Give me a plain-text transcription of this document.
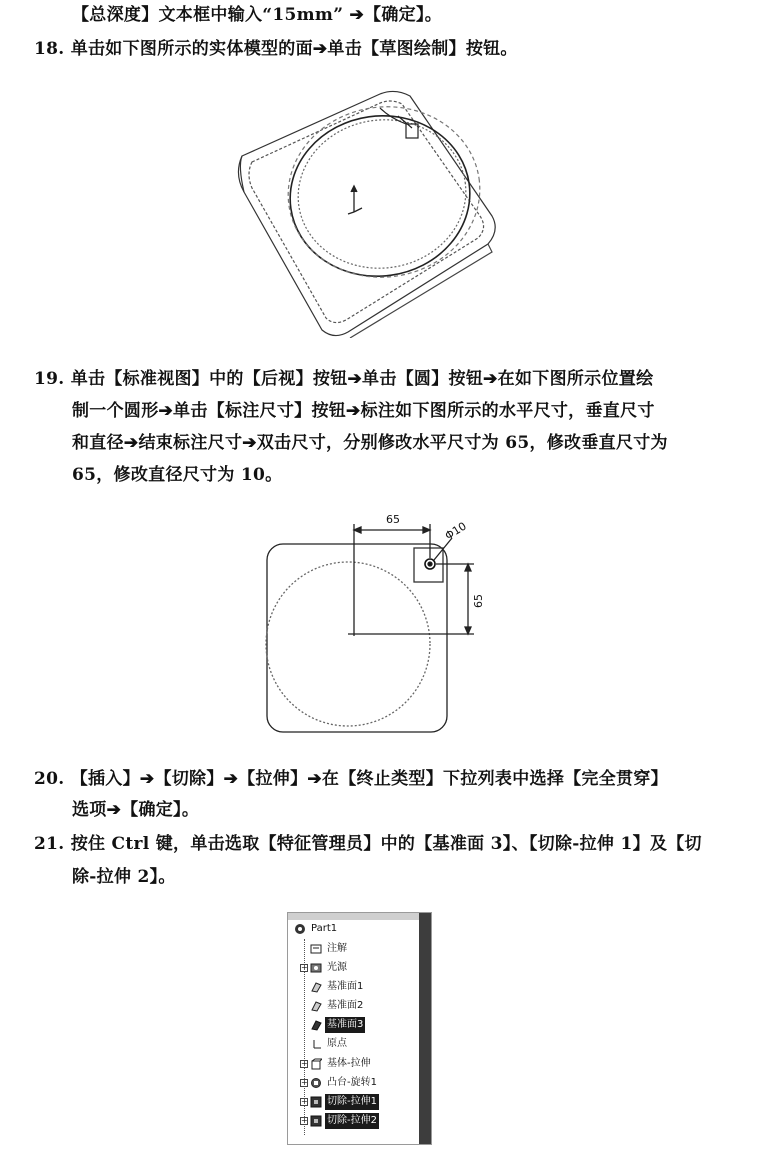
【总深度】文本框中输入“15mm” ➔【确定】。
18. 单击如下图所示的实体模型的面➔单击【草图绘制】按钮。
19. 单击【标准视图】中的【后视】按钮➔单击【圆】按钮➔在如下图所示位置绘
制一个圆形➔单击【标注尺寸】按钮➔标注如下图所示的水平尺寸，垂直尺寸
和直径➔结束标注尺寸➔双击尺寸，分别修改水平尺寸为 65，修改垂直尺寸为
65，修改直径尺寸为 10。
65
65
Φ10
20. 【插入】➔【切除】➔【拉伸】➔在【终止类型】下拉列表中选择【完全贯穿】
选项➔【确定】。
21. 按住 Ctrl 键，单击选取【特征管理员】中的【基准面 3】、【切除-拉伸 1】及【切
除-拉伸 2】。
Part1
注解
+ 光源
基准面1
基准面2
基准面3
原点
+ 基体-拉伸
+ 凸台-旋转1
+ 切除-拉伸1
+ 切除-拉伸2
